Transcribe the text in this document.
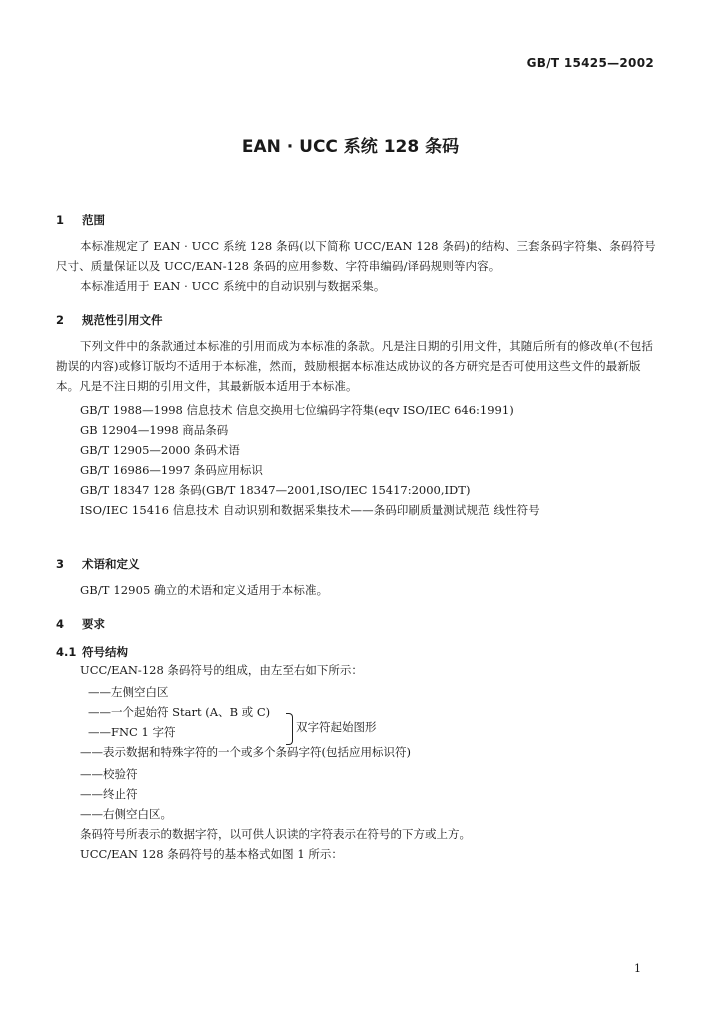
GB/T 15425—2002
EAN · UCC 系统 128 条码
1 范围
本标准规定了 EAN · UCC 系统 128 条码(以下简称 UCC/EAN 128 条码)的结构、三套条码字符集、条码符号尺寸、质量保证以及 UCC/EAN-128 条码的应用参数、字符串编码/译码规则等内容。
本标准适用于 EAN · UCC 系统中的自动识别与数据采集。
2 规范性引用文件
下列文件中的条款通过本标准的引用而成为本标准的条款。凡是注日期的引用文件，其随后所有的修改单(不包括勘误的内容)或修订版均不适用于本标准，然而，鼓励根据本标准达成协议的各方研究是否可使用这些文件的最新版本。凡是不注日期的引用文件，其最新版本适用于本标准。
GB/T 1988—1998 信息技术 信息交换用七位编码字符集(eqv ISO/IEC 646:1991)
GB 12904—1998 商品条码
GB/T 12905—2000 条码术语
GB/T 16986—1997 条码应用标识
GB/T 18347 128 条码(GB/T 18347—2001,ISO/IEC 15417:2000,IDT)
ISO/IEC 15416 信息技术 自动识别和数据采集技术——条码印刷质量测试规范 线性符号
3 术语和定义
GB/T 12905 确立的术语和定义适用于本标准。
4 要求
4.1 符号结构
UCC/EAN-128 条码符号的组成，由左至右如下所示：
——左侧空白区
——一个起始符 Start (A、B 或 C)
——FNC 1 字符	双字符起始图形
——表示数据和特殊字符的一个或多个条码字符(包括应用标识符)
——校验符
——终止符
——右侧空白区。
条码符号所表示的数据字符，以可供人识读的字符表示在符号的下方或上方。
UCC/EAN 128 条码符号的基本格式如图 1 所示：
1
